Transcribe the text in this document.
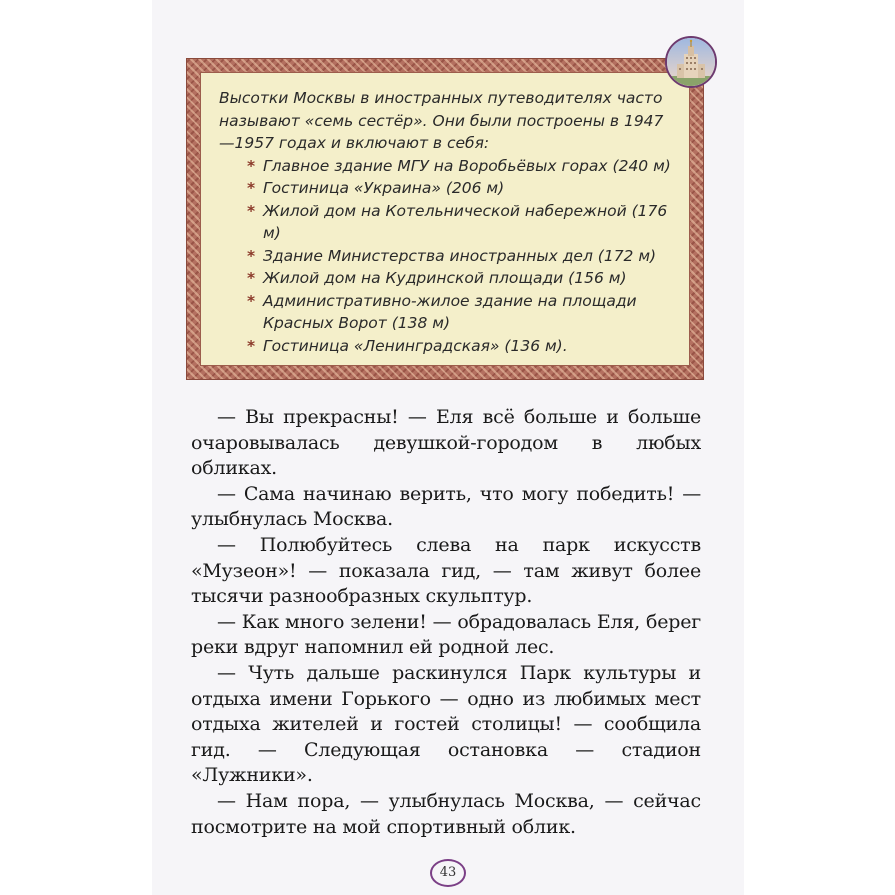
Высотки Москвы в иностранных путеводителях часто называют «семь сестёр». Они были построены в 1947—1957 годах и включают в себя:

* Главное здание МГУ на Воробьёвых горах (240 м)
* Гостиница «Украина» (206 м)
* Жилой дом на Котельнической набережной (176 м)
* Здание Министерства иностранных дел (172 м)
* Жилой дом на Кудринской площади (156 м)
* Административно-жилое здание на площади Красных Ворот (138 м)
* Гостиница «Ленинградская» (136 м).

— Вы прекрасны! — Еля всё больше и больше очаровывалась девушкой-городом в любых обликах.

— Сама начинаю верить, что могу победить! — улыбнулась Москва.

— Полюбуйтесь слева на парк искусств «Музеон»! — показала гид, — там живут более тысячи разнообразных скульптур.

— Как много зелени! — обрадовалась Еля, берег реки вдруг напомнил ей родной лес.

— Чуть дальше раскинулся Парк культуры и отдыха имени Горького — одно из любимых мест отдыха жителей и гостей столицы! — сообщила гид. — Следующая остановка — стадион «Лужники».

— Нам пора, — улыбнулась Москва, — сейчас посмотрите на мой спортивный облик.

43
